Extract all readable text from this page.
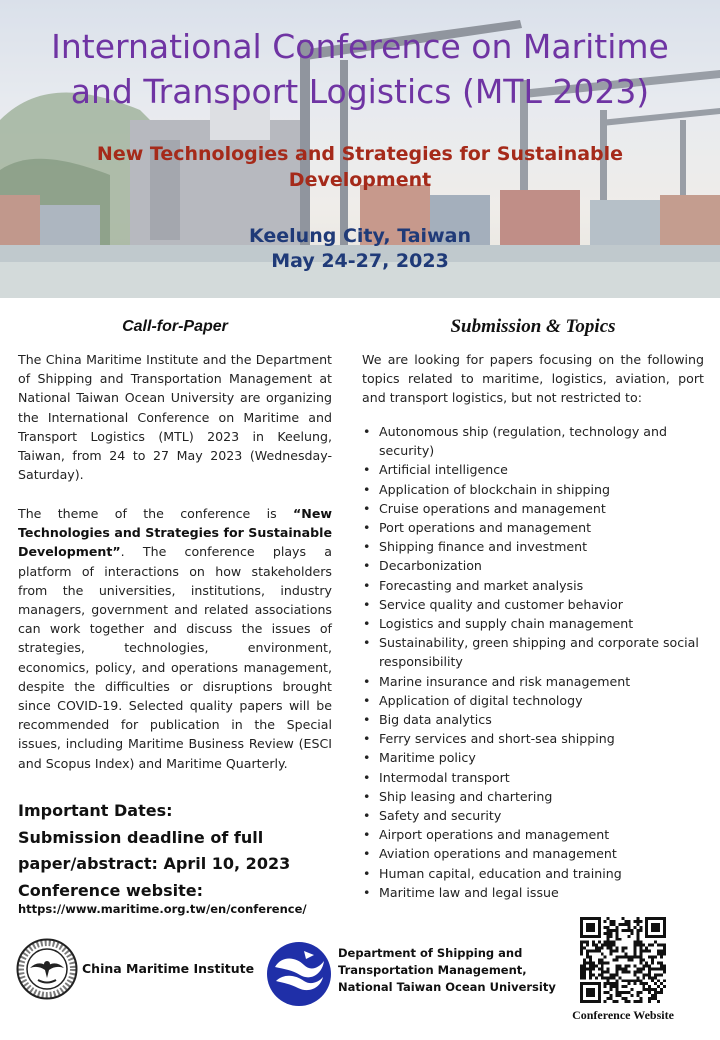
International Conference on Maritime
and Transport Logistics (MTL 2023)
New Technologies and Strategies for Sustainable Development
Keelung City, Taiwan
May 24-27, 2023
Call-for-Paper

The China Maritime Institute and the Department of Shipping and Transportation Management at National Taiwan Ocean University are organizing the International Conference on Maritime and Transport Logistics (MTL) 2023 in Keelung, Taiwan, from 24 to 27 May 2023 (Wednesday-Saturday).

The theme of the conference is “New Technologies and Strategies for Sustainable Development”. The conference plays a platform of interactions on how stakeholders from the universities, institutions, industry managers, government and related associations can work together and discuss the issues of strategies, technologies, environment, economics, policy, and operations management, despite the difficulties or disruptions brought since COVID-19. Selected quality papers will be recommended for publication in the Special issues, including Maritime Business Review (ESCI and Scopus Index) and Maritime Quarterly.

Important Dates:
Submission deadline of full paper/abstract: April 10, 2023
Conference website:
https://www.maritime.org.tw/en/conference/
Submission & Topics

We are looking for papers focusing on the following topics related to maritime, logistics, aviation, port and transport logistics, but not restricted to:

• Autonomous ship (regulation, technology and security)
• Artificial intelligence
• Application of blockchain in shipping
• Cruise operations and management
• Port operations and management
• Shipping finance and investment
• Decarbonization
• Forecasting and market analysis
• Service quality and customer behavior
• Logistics and supply chain management
• Sustainability, green shipping and corporate social responsibility
• Marine insurance and risk management
• Application of digital technology
• Big data analytics
• Ferry services and short-sea shipping
• Maritime policy
• Intermodal transport
• Ship leasing and chartering
• Safety and security
• Airport operations and management
• Aviation operations and management
• Human capital, education and training
• Maritime law and legal issue
China Maritime Institute
Department of Shipping and
Transportation Management,
National Taiwan Ocean University
Conference Website
